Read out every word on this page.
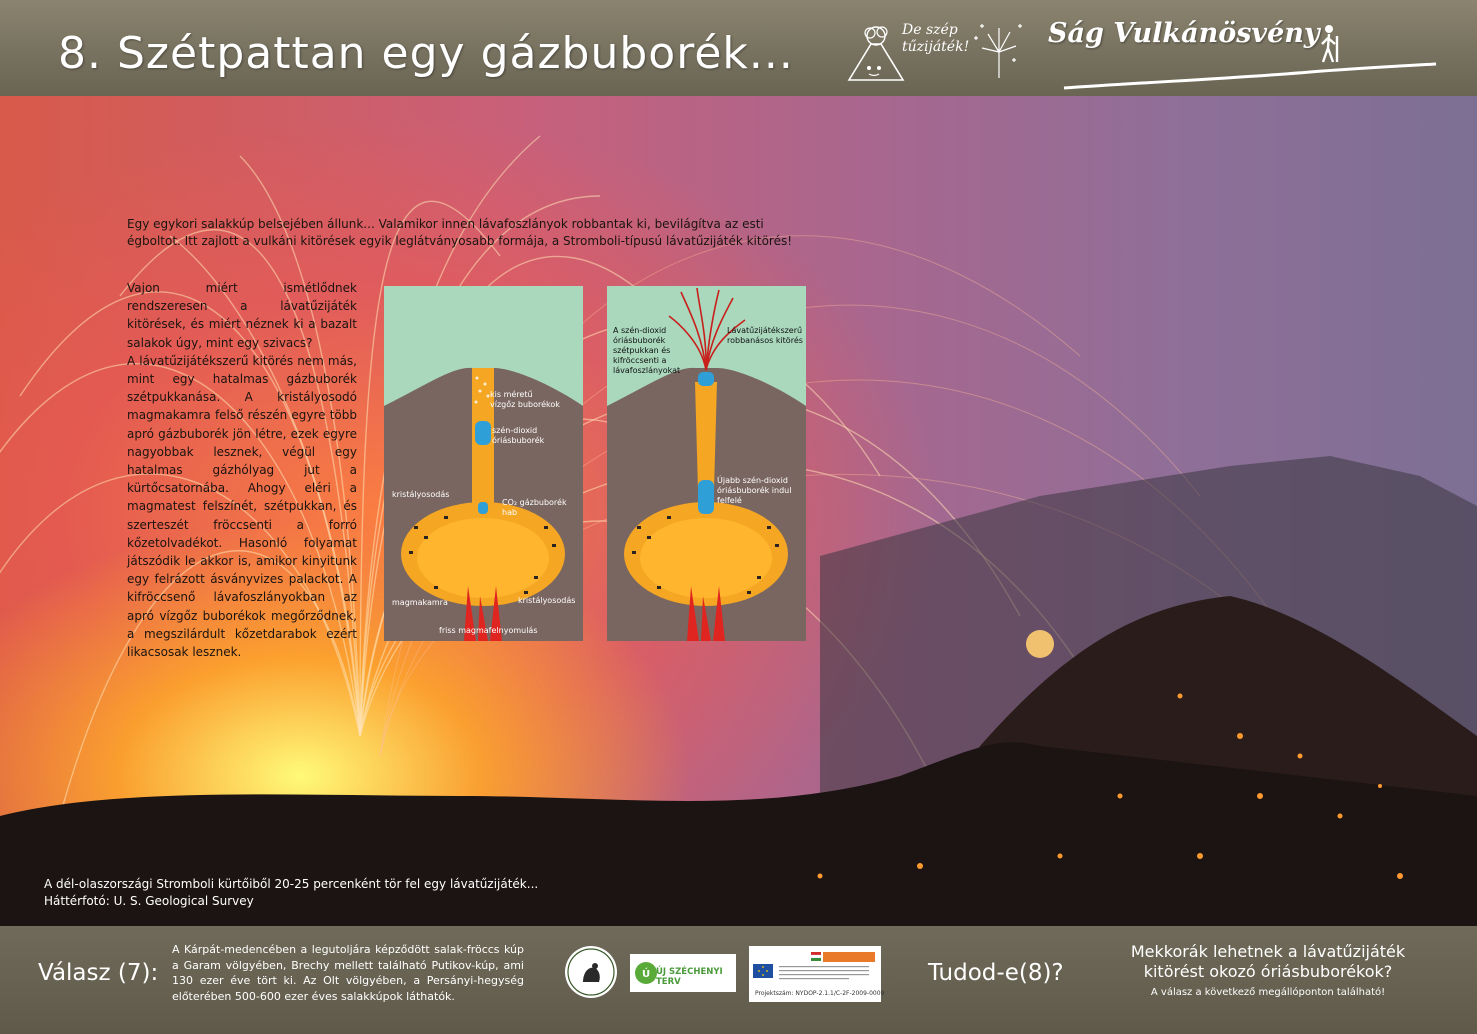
8. Szétpattan egy gázbuborék...	De szép tűzijáték!	Ság Vulkánösvény
Egy egykori salakkúp belsejében állunk... Valamikor innen lávafoszlányok robbantak ki, bevilágítva az esti égboltot. Itt zajlott a vulkáni kitörések egyik leglátványosabb formája, a Stromboli-típusú lávatűzijáték kitörés!
Vajon miért ismétlődnek rendszeresen a lávatűzijáték kitörések, és miért néznek ki a bazalt salakok úgy, mint egy szivacs?
A lávatűzijátékszerű kitörés nem más, mint egy hatalmas gázbuborék szétpukkanása. A kristályosodó magmakamra felső részén egyre több apró gázbuborék jön létre, ezek egyre nagyobbak lesznek, végül egy hatalmas gázhólyag jut a kürtőcsatornába. Ahogy eléri a magmatest felszínét, szétpukkan, és szerteszét fröccsenti a forró kőzetolvadékot. Hasonló folyamat játszódik le akkor is, amikor kinyitunk egy felrázott ásványvizes palackot. A kifröccsenő lávafoszlányokban az apró vízgőz buborékok megőrződnek, a megszilárdult kőzetdarabok ezért likacsosak lesznek.
kis méretű vízgőz buborékok
szén-dioxid óriásbuborék
kristályosodás
CO₂ gázbuborék hab
magmakamra	kristályosodás
friss magmafelnyomulás
A szén-dioxid óriásbuborék szétpukkan és kifröccsenti a lávafoszlányokat
Lávatűzijátékszerű robbanásos kitörés
Újabb szén-dioxid óriásbuborék indul felfelé
A dél-olaszországi Stromboli kürtőiből 20-25 percenként tör fel egy lávatűzijáték...
Háttérfotó: U. S. Geological Survey
Válasz (7):
A Kárpát-medencében a legutoljára képződött salak-fröccs kúp a Garam völgyében, Brechy mellett található Putikov-kúp, ami 130 ezer éve tört ki. Az Olt völgyében, a Persányi-hegység előterében 500-600 ezer éves salakkúpok láthatók.
Ú ÚJ SZÉCHENYI TERV
Projektszám: NYDOP-2.1.1/C-2F-2009-0009
Tudod-e(8)?
Mekkorák lehetnek a lávatűzijáték kitörést okozó óriásbuborékok?
A válasz a következő megállóponton található!
